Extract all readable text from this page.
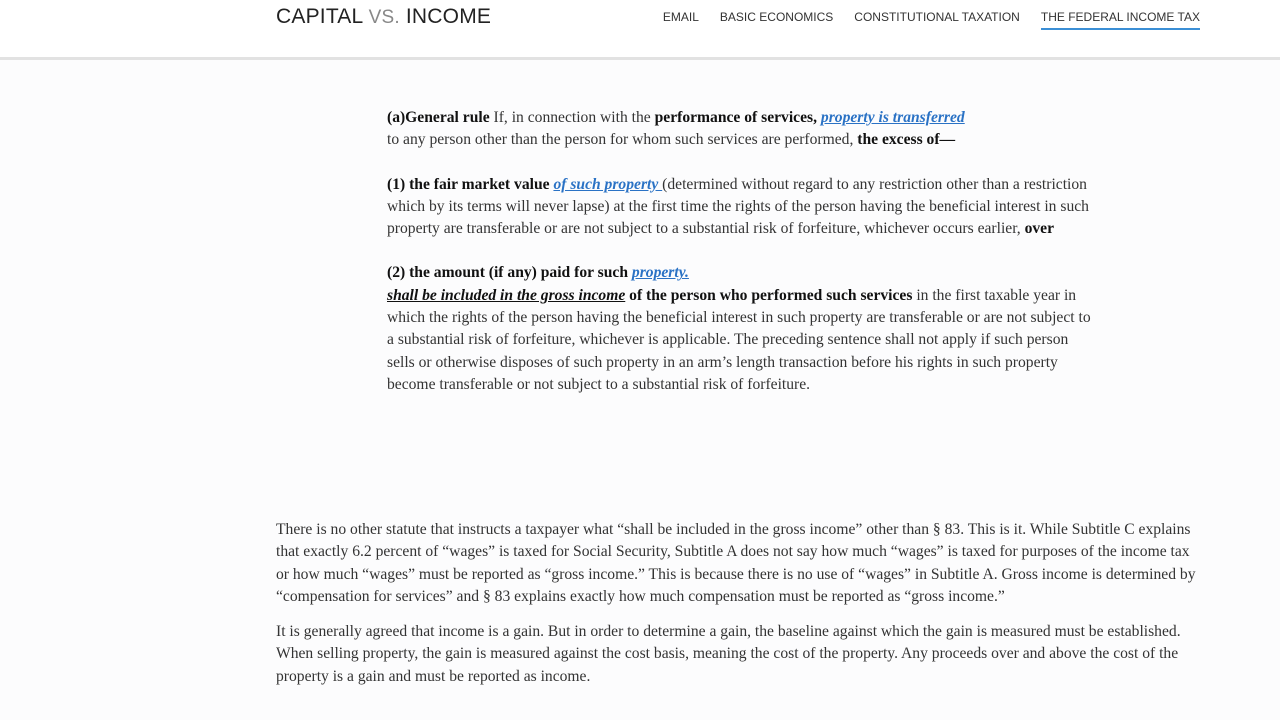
CAPITAL VS. INCOME	EMAIL BASIC ECONOMICS CONSTITUTIONAL TAXATION THE FEDERAL INCOME TAX

(a)General rule If, in connection with the performance of services, property is transferred
to any person other than the person for whom such services are performed, the excess of—

(1) the fair market value of such property (determined without regard to any restriction other than a restriction which by its terms will never lapse) at the first time the rights of the person having the beneficial interest in such property are transferable or are not subject to a substantial risk of forfeiture, whichever occurs earlier, over

(2) the amount (if any) paid for such property.
shall be included in the gross income of the person who performed such services in the first taxable year in which the rights of the person having the beneficial interest in such property are transferable or are not subject to a substantial risk of forfeiture, whichever is applicable. The preceding sentence shall not apply if such person sells or otherwise disposes of such property in an arm’s length transaction before his rights in such property become transferable or not subject to a substantial risk of forfeiture.

There is no other statute that instructs a taxpayer what “shall be included in the gross income” other than § 83. This is it. While Subtitle C explains that exactly 6.2 percent of “wages” is taxed for Social Security, Subtitle A does not say how much “wages” is taxed for purposes of the income tax or how much “wages” must be reported as “gross income.” This is because there is no use of “wages” in Subtitle A. Gross income is determined by “compensation for services” and § 83 explains exactly how much compensation must be reported as “gross income.”

It is generally agreed that income is a gain. But in order to determine a gain, the baseline against which the gain is measured must be established. When selling property, the gain is measured against the cost basis, meaning the cost of the property. Any proceeds over and above the cost of the property is a gain and must be reported as income.
